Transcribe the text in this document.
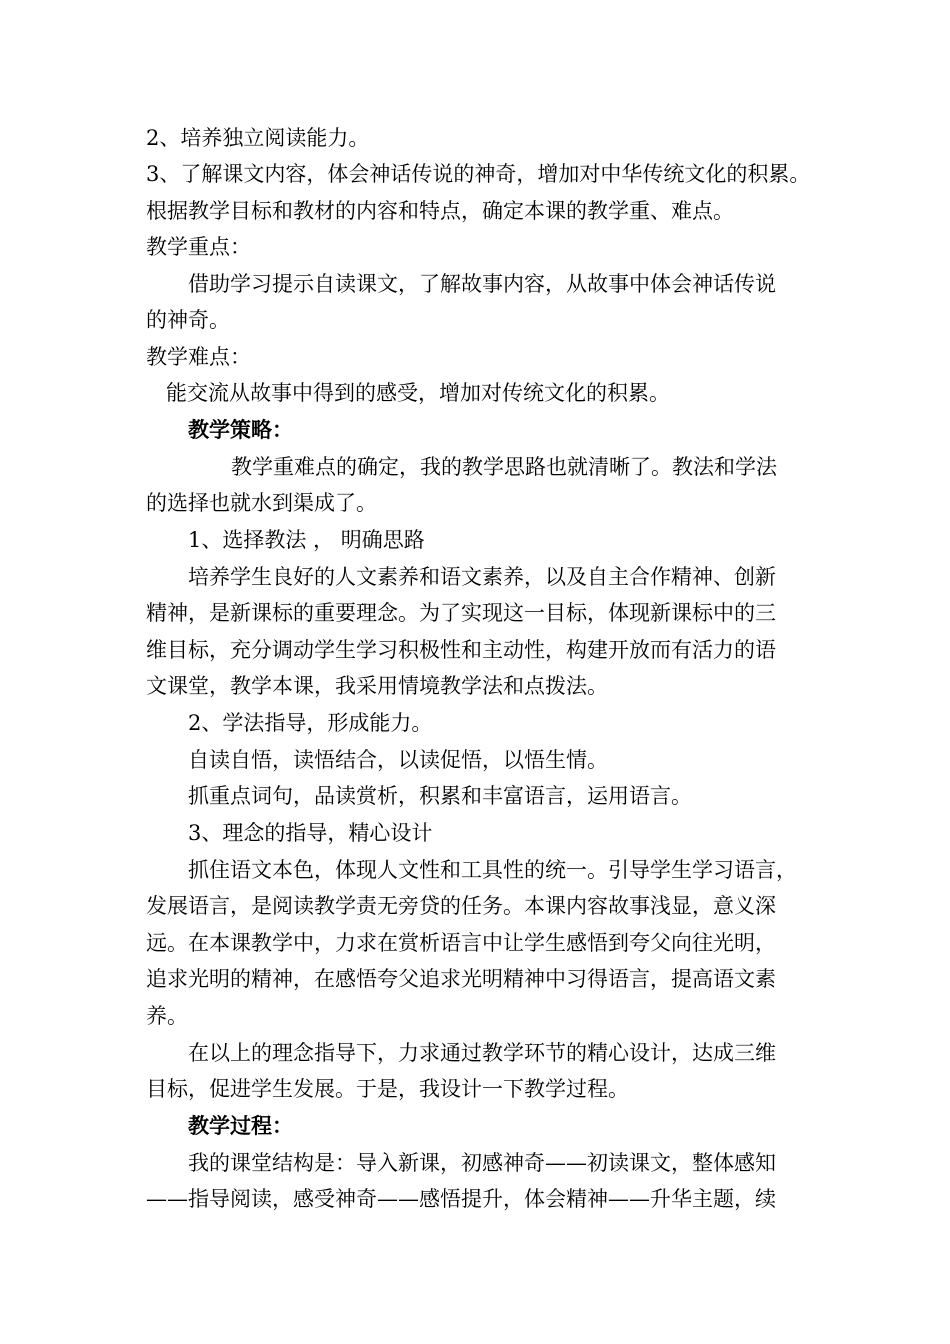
2、培养独立阅读能力。
3、了解课文内容，体会神话传说的神奇，增加对中华传统文化的积累。
根据教学目标和教材的内容和特点，确定本课的教学重、难点。
教学重点：
借助学习提示自读课文，了解故事内容，从故事中体会神话传说
的神奇。
教学难点：
能交流从故事中得到的感受，增加对传统文化的积累。
教学策略：
教学重难点的确定，我的教学思路也就清晰了。教法和学法
的选择也就水到渠成了。
1、选择教法 ， 明确思路
培养学生良好的人文素养和语文素养，以及自主合作精神、创新
精神，是新课标的重要理念。为了实现这一目标，体现新课标中的三
维目标，充分调动学生学习积极性和主动性，构建开放而有活力的语
文课堂，教学本课，我采用情境教学法和点拨法。
2、学法指导，形成能力。
自读自悟，读悟结合，以读促悟，以悟生情。
抓重点词句，品读赏析，积累和丰富语言，运用语言。
3、理念的指导，精心设计
抓住语文本色，体现人文性和工具性的统一。引导学生学习语言，
发展语言，是阅读教学责无旁贷的任务。本课内容故事浅显，意义深
远。在本课教学中，力求在赏析语言中让学生感悟到夸父向往光明，
追求光明的精神，在感悟夸父追求光明精神中习得语言，提高语文素
养。
在以上的理念指导下，力求通过教学环节的精心设计，达成三维
目标，促进学生发展。于是，我设计一下教学过程。
教学过程：
我的课堂结构是：导入新课，初感神奇——初读课文，整体感知
——指导阅读，感受神奇——感悟提升，体会精神——升华主题，续
